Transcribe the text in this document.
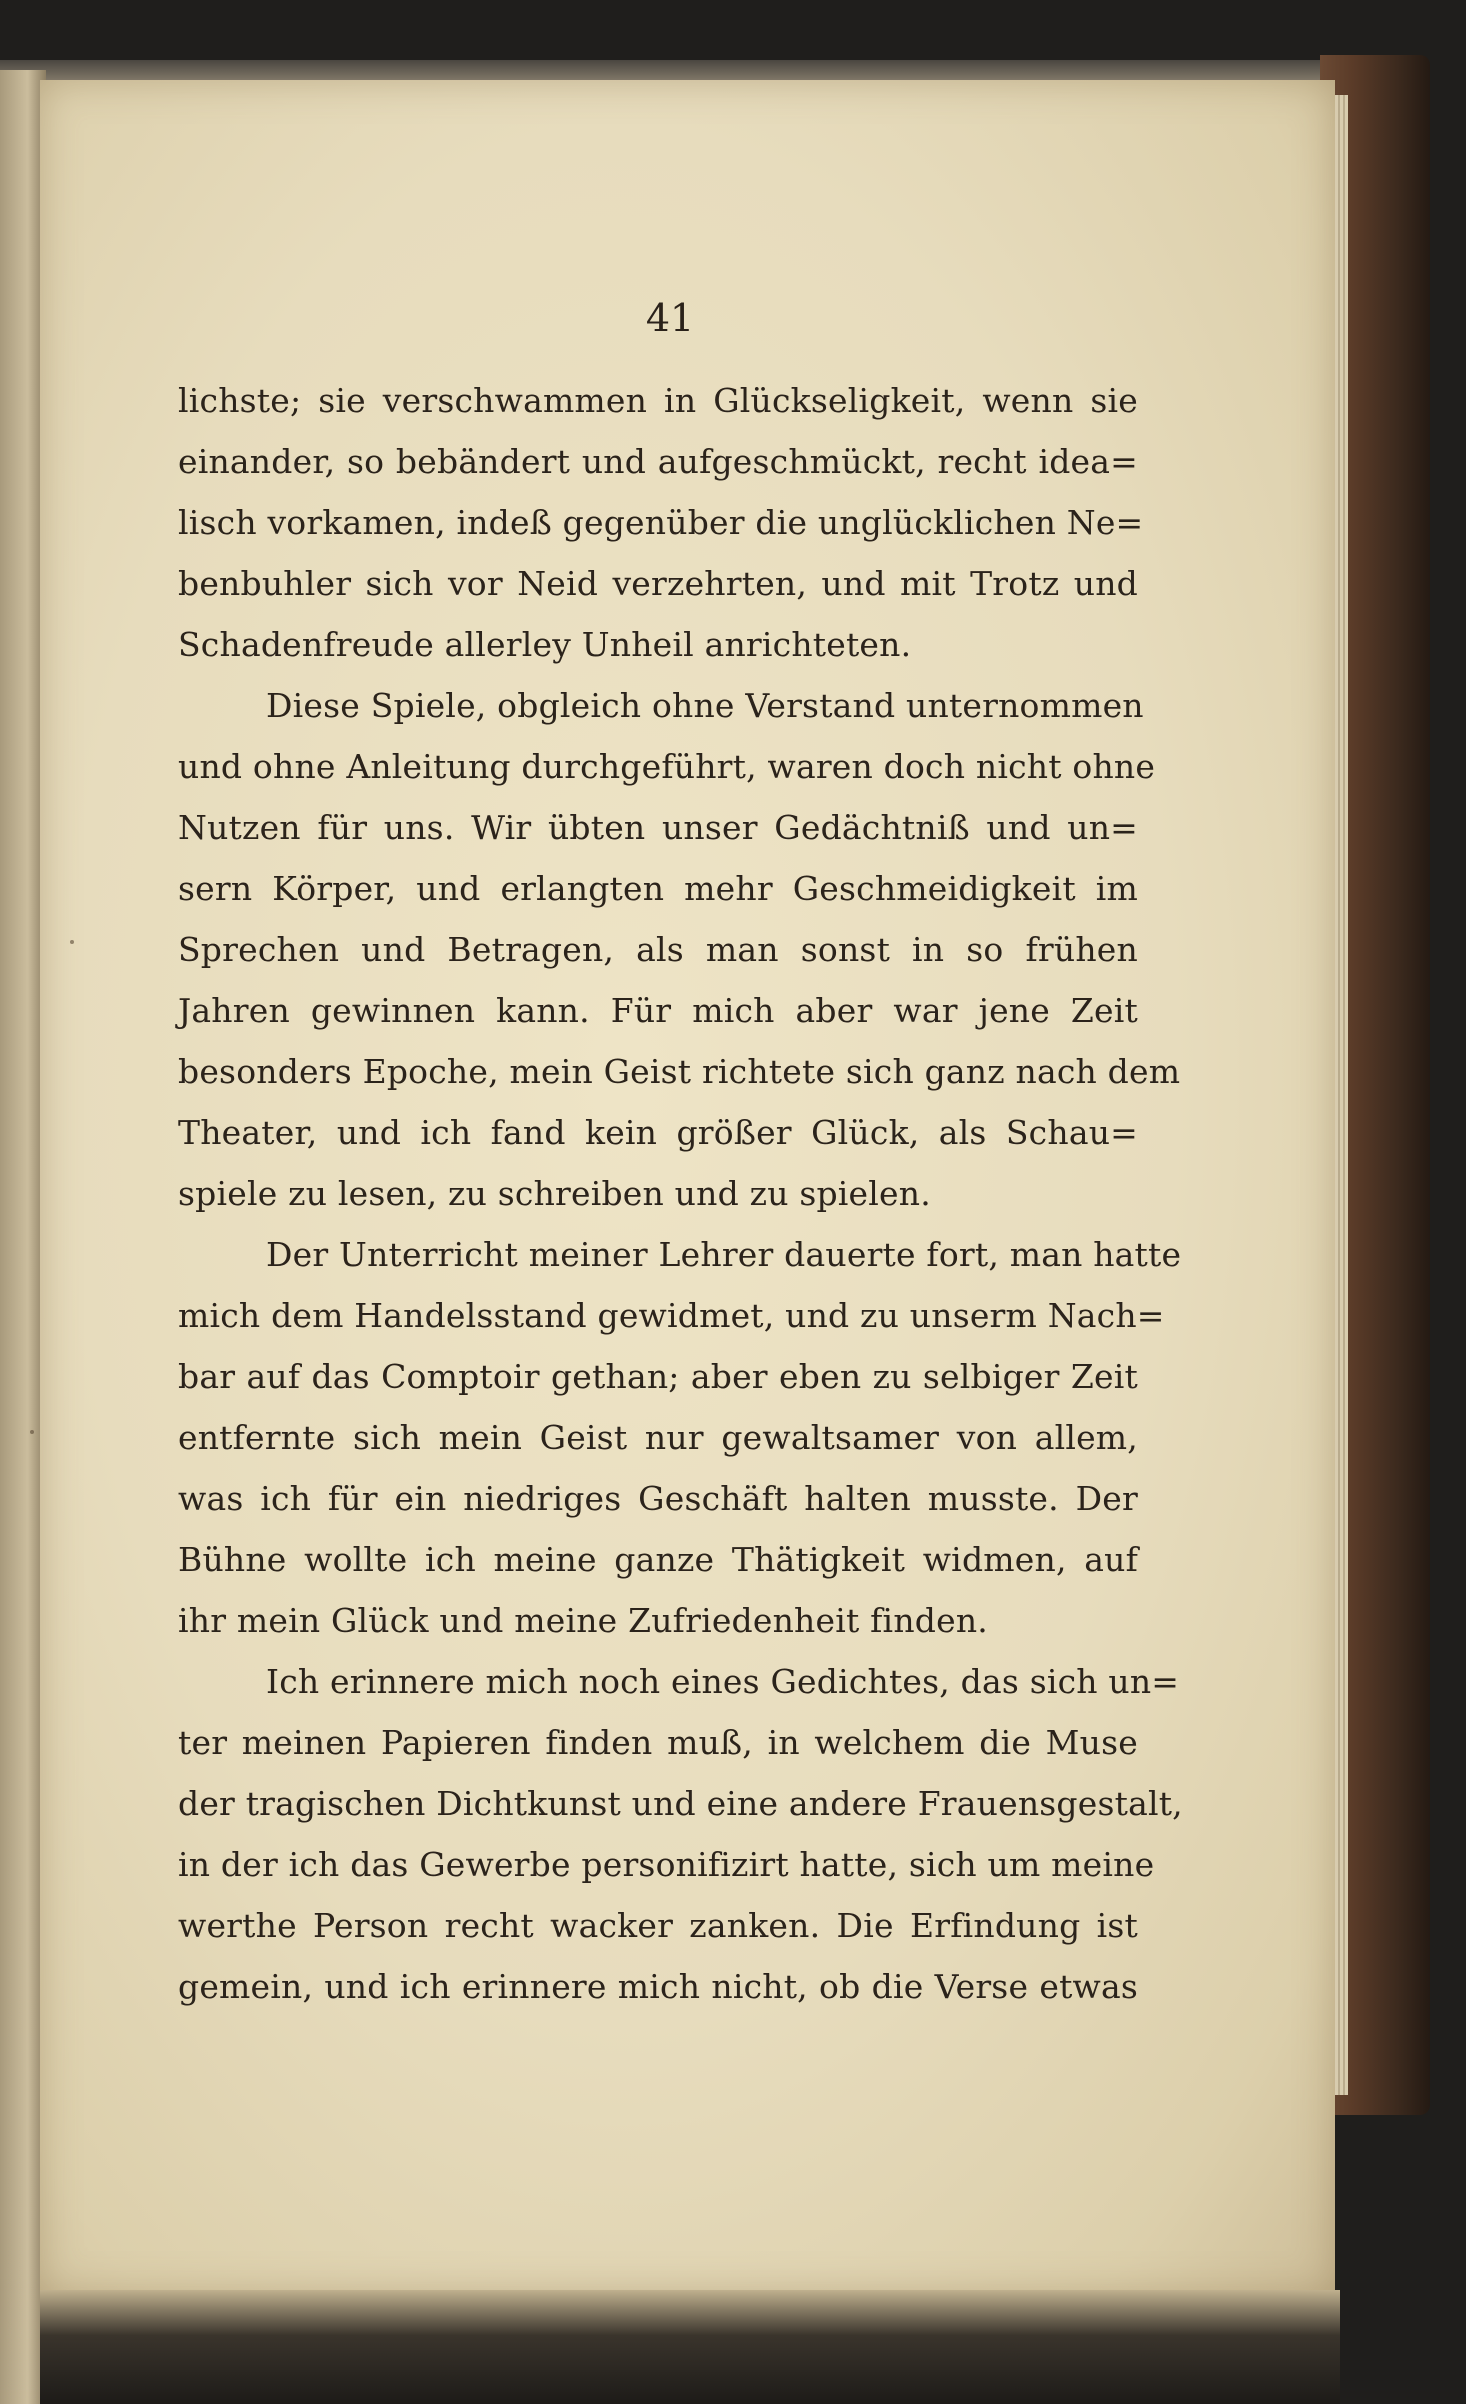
41
lichste; sie verschwammen in Glückseligkeit, wenn sie
einander, so bebändert und aufgeschmückt, recht idea=
lisch vorkamen, indeß gegenüber die unglücklichen Ne=
benbuhler sich vor Neid verzehrten, und mit Trotz und
Schadenfreude allerley Unheil anrichteten.
Diese Spiele, obgleich ohne Verstand unternommen
und ohne Anleitung durchgeführt, waren doch nicht ohne
Nutzen für uns. Wir übten unser Gedächtniß und un=
sern Körper, und erlangten mehr Geschmeidigkeit im
Sprechen und Betragen, als man sonst in so frühen
Jahren gewinnen kann. Für mich aber war jene Zeit
besonders Epoche, mein Geist richtete sich ganz nach dem
Theater, und ich fand kein größer Glück, als Schau=
spiele zu lesen, zu schreiben und zu spielen.
Der Unterricht meiner Lehrer dauerte fort, man hatte
mich dem Handelsstand gewidmet, und zu unserm Nach=
bar auf das Comptoir gethan; aber eben zu selbiger Zeit
entfernte sich mein Geist nur gewaltsamer von allem,
was ich für ein niedriges Geschäft halten musste. Der
Bühne wollte ich meine ganze Thätigkeit widmen, auf
ihr mein Glück und meine Zufriedenheit finden.
Ich erinnere mich noch eines Gedichtes, das sich un=
ter meinen Papieren finden muß, in welchem die Muse
der tragischen Dichtkunst und eine andere Frauensgestalt,
in der ich das Gewerbe personifizirt hatte, sich um meine
werthe Person recht wacker zanken. Die Erfindung ist
gemein, und ich erinnere mich nicht, ob die Verse etwas
